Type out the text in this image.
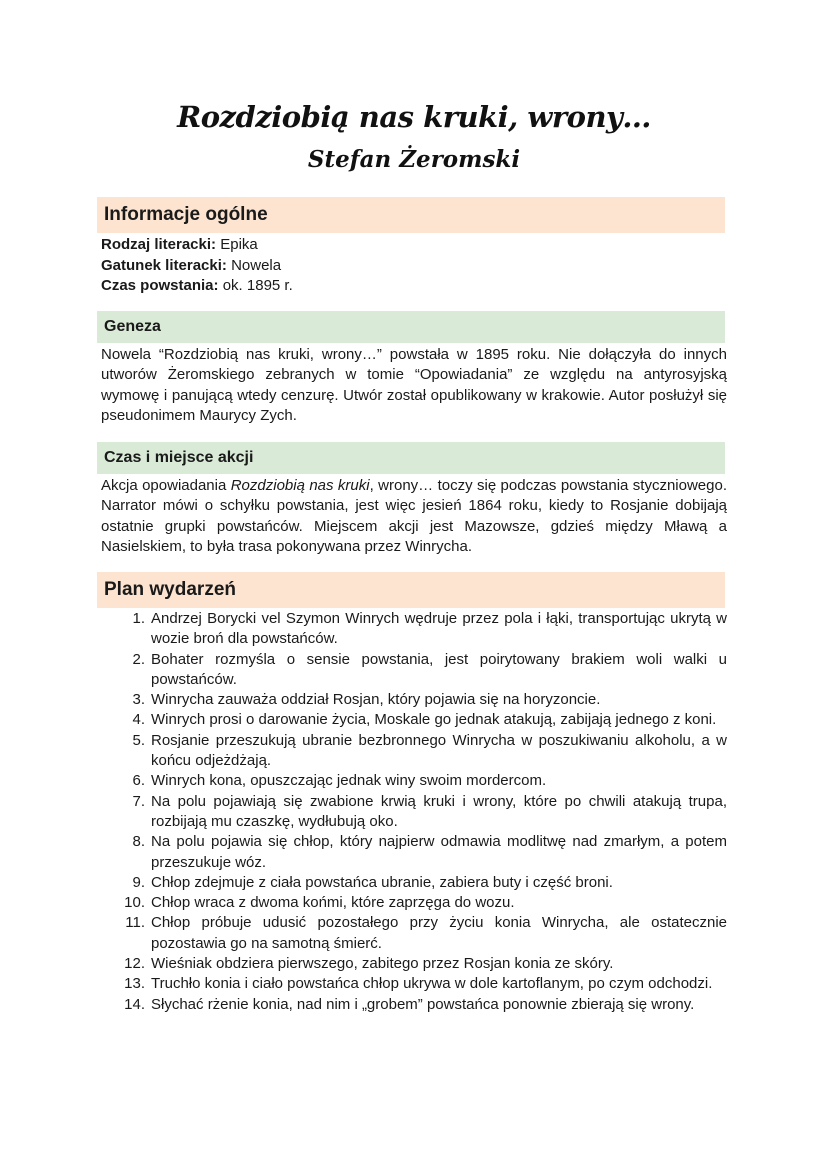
Rozdziobią nas kruki, wrony…
Stefan Żeromski
Informacje ogólne
Rodzaj literacki: Epika
Gatunek literacki: Nowela
Czas powstania: ok. 1895 r.
Geneza
Nowela “Rozdziobią nas kruki, wrony…” powstała w 1895 roku. Nie dołączyła do innych utworów Żeromskiego zebranych w tomie “Opowiadania” ze względu na antyrosyjską wymowę i panującą wtedy cenzurę. Utwór został opublikowany w krakowie. Autor posłużył się pseudonimem Maurycy Zych.
Czas i miejsce akcji
Akcja opowiadania Rozdziobią nas kruki, wrony… toczy się podczas powstania styczniowego. Narrator mówi o schyłku powstania, jest więc jesień 1864 roku, kiedy to Rosjanie dobijają ostatnie grupki powstańców. Miejscem akcji jest Mazowsze, gdzieś między Mławą a Nasielskiem, to była trasa pokonywana przez Winrycha.
Plan wydarzeń
1. Andrzej Borycki vel Szymon Winrych wędruje przez pola i łąki, transportując ukrytą w wozie broń dla powstańców.
2. Bohater rozmyśla o sensie powstania, jest poirytowany brakiem woli walki u powstańców.
3. Winrycha zauważa oddział Rosjan, który pojawia się na horyzoncie.
4. Winrych prosi o darowanie życia, Moskale go jednak atakują, zabijają jednego z koni.
5. Rosjanie przeszukują ubranie bezbronnego Winrycha w poszukiwaniu alkoholu, a w końcu odjeżdżają.
6. Winrych kona, opuszczając jednak winy swoim mordercom.
7. Na polu pojawiają się zwabione krwią kruki i wrony, które po chwili atakują trupa, rozbijają mu czaszkę, wydłubują oko.
8. Na polu pojawia się chłop, który najpierw odmawia modlitwę nad zmarłym, a potem przeszukuje wóz.
9. Chłop zdejmuje z ciała powstańca ubranie, zabiera buty i część broni.
10. Chłop wraca z dwoma końmi, które zaprzęga do wozu.
11. Chłop próbuje udusić pozostałego przy życiu konia Winrycha, ale ostatecznie pozostawia go na samotną śmierć.
12. Wieśniak obdziera pierwszego, zabitego przez Rosjan konia ze skóry.
13. Truchło konia i ciało powstańca chłop ukrywa w dole kartoflanym, po czym odchodzi.
14. Słychać rżenie konia, nad nim i „grobem” powstańca ponownie zbierają się wrony.
